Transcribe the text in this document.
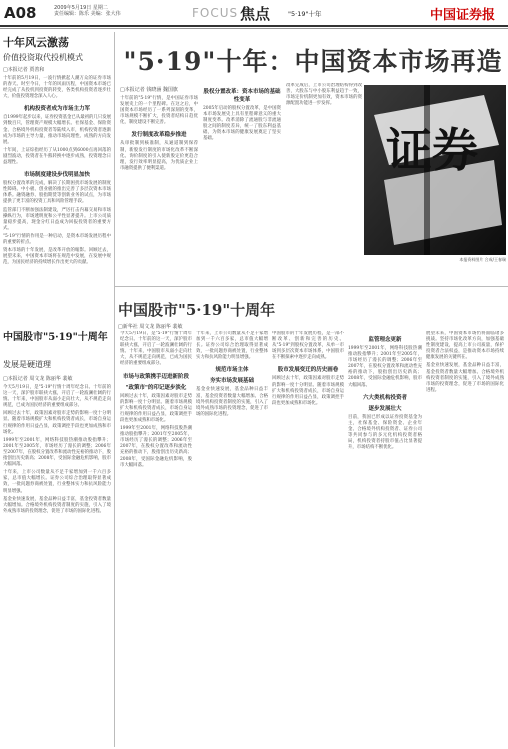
A08	2009年5月19日 星期二
责任编辑：陈乐 美编：张大伟	FOCUS 焦点	"5·19"十年	中国证券报
十年风云激荡
价值投资取代投机模式
□本报记者 贾善和
十年前的5月19日，一波行情掀起人潮万众的证券市场的春天。时至今日，十年的风雨历程，中国资本市场已经完成了从投机到投资的转变，各类机构投资者逐步壮大，价值投资理念深入人心。
机构投资者成为市场主力军
自1999年起步以来，证券投资基金已从最初的几只发展到数百只，管理资产规模大幅增长。社保基金、保险资金、合格境外机构投资者等陆续入市，机构投资者逐渐成为市场的主导力量，推动市场向理性、成熟的方向发展。
十年间，上证综指经历了从1000点到6000点再回落的剧烈波动，投资者在牛熊转换中逐步成熟，投资理念日益理性。
市场制度建设步伐明显加快
股权分置改革的完成，解决了长期困扰市场发展的制度性障碍。中小板、创业板的推出完善了多层次资本市场体系。融资融券、股指期货等创新业务的试点，为市场提供了更丰富的投资工具和风险管理手段。
监管部门不断加强法制建设，严厉打击内幕交易和市场操纵行为，市场透明度和公平性显著提升。上市公司质量稳步提高，现金分红日益成为回报投资者的重要方式。
"5·19"行情的作用是一种启动，是资本市场发展历程中的重要转折点。
资本市场的十年发展，是改革开放的缩影。回顾过去，展望未来，中国资本市场将在规范中发展，在发展中规范，为国民经济的持续增长作出更大的贡献。
"5·19"十年：中国资本市场再造
□本报记者 钱晓涵 魏国旗
十年前的"5·19"行情，是中国证券市场发展史上的一个里程碑。在这之后，中国资本市场经历了一系列深刻的变革，市场规模不断扩大，投资者结构日趋优化，制度建设不断完善。
发行制度改革稳步推进
从审批制到核准制，从通道制到保荐制，新股发行制度的市场化改革不断深化。询价制度的引入使新股定价更趋合理，发行效率明显提高，为优质企业上市融资提供了便利渠道。
股权分置改革：资本市场的基础性变革
2005年启动的股权分置改革，是中国资本市场发展史上具有里程碑意义的重大制度变革。改革消除了流通股与非流通股之间的制度差异，统一了股东利益基础，为资本市场的健康发展奠定了坚实基础。
改革完成后，上市公司治理结构得到改善，大股东与中小股东利益趋于一致，市场定价机制更加有效，资本市场的资源配置功能进一步发挥。
证券
本报资料图片 合成/王春瑞
中国股市"5·19"十周年
发展是硬道理
□本报记者 周文龙 陈丽华 裴敏
今天5月19日，是"5·19"行情十周年纪念日。十年前的这一天，深沪股市联袂大涨，开启了一轮波澜壮阔的行情。十年来，中国股市从弱小走向壮大，从不规范走向规范，已成为国民经济的重要组成部分。
回顾过去十年，政策因素对股市走势的影响一度十分明显。随着市场规模扩大和机构投资者成长，市场自身运行规律的作用日益凸显，政策调控手段也更加成熟和市场化。
1999年至2001年，网络科技股热潮推动股指攀升；2001年至2005年，市场经历了漫长的调整；2006年至2007年，在股权分置改革和流动性充裕的推动下，股指创出历史新高；2008年，受国际金融危机影响，股市大幅回落。
十年来，上市公司数量从不足千家增加到一千六百多家，总市值大幅增长。证券公司综合治理取得显著成效，一批问题券商被处置，行业整体实力和抗风险能力明显增强。
基金业快速发展，基金品种日益丰富，基金投资者数量大幅增加。合格境外机构投资者制度的实施，引入了境外成熟市场的投资理念，促进了市场的国际化进程。
中国股市"5·19"十周年
□新华社 周文龙 陈丽华 裴敏
今天5月19日，是"5·19"行情十周年纪念日。十年前的这一天，深沪股市联袂大涨，开启了一轮波澜壮阔的行情。十年来，中国股市从弱小走向壮大，从不规范走向规范，已成为国民经济的重要组成部分。
市场与政策携手迈进新阶段
"政策市"的印记逐步淡化
回顾过去十年，政策因素对股市走势的影响一度十分明显。随着市场规模扩大和机构投资者成长，市场自身运行规律的作用日益凸显，政策调控手段也更加成熟和市场化。
1999年至2001年，网络科技股热潮推动股指攀升；2001年至2005年，市场经历了漫长的调整；2006年至2007年，在股权分置改革和流动性充裕的推动下，股指创出历史新高；2008年，受国际金融危机影响，股市大幅回落。
十年来，上市公司数量从不足千家增加到一千六百多家，总市值大幅增长。证券公司综合治理取得显著成效，一批问题券商被处置，行业整体实力和抗风险能力明显增强。
规范市场主体
夯实市场发展基础
基金业快速发展，基金品种日益丰富，基金投资者数量大幅增加。合格境外机构投资者制度的实施，引入了境外成熟市场的投资理念，促进了市场的国际化进程。
中国股市的十年发展历程，是一部不断改革、创新和完善的历史。从"5·19"到股权分置改革，从单一市场到多层次资本市场体系，中国股市在不断探索中逐步走向成熟。
股市发展变迁的历史画卷
回顾过去十年，政策因素对股市走势的影响一度十分明显。随着市场规模扩大和机构投资者成长，市场自身运行规律的作用日益凸显，政策调控手段也更加成熟和市场化。
监管理念更新
1999年至2001年，网络科技股热潮推动股指攀升；2001年至2005年，市场经历了漫长的调整；2006年至2007年，在股权分置改革和流动性充裕的推动下，股指创出历史新高；2008年，受国际金融危机影响，股市大幅回落。
六大类机构投资者
逐步发展壮大
目前，我国已形成以证券投资基金为主，社保基金、保险资金、企业年金、合格境外机构投资者、证券公司等共同参与的多元化机构投资者格局，机构投资者持股市值占比显著提升，市场结构不断优化。
展望未来，中国资本市场仍将面临诸多挑战。坚持市场化改革方向，加强基础性制度建设，提高上市公司质量，保护投资者合法权益，是推动资本市场持续健康发展的关键所在。
基金业快速发展，基金品种日益丰富，基金投资者数量大幅增加。合格境外机构投资者制度的实施，引入了境外成熟市场的投资理念，促进了市场的国际化进程。
